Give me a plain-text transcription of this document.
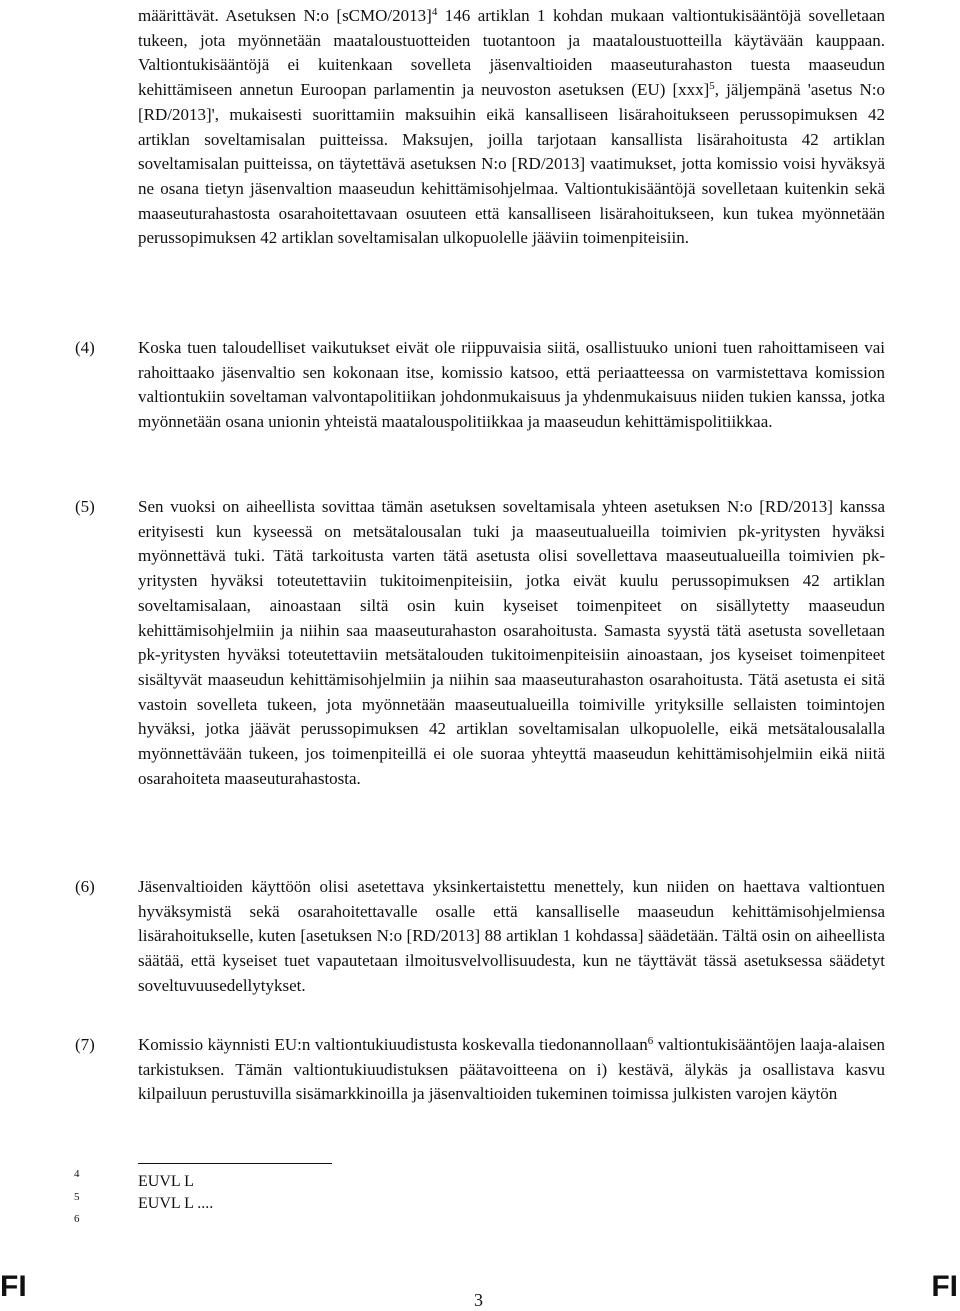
määrittävät. Asetuksen N:o [sCMO/2013]$^4$ 146 artiklan 1 kohdan mukaan valtiontukisääntöjä sovelletaan tukeen, jota myönnetään maataloustuotteiden tuotantoon ja maataloustuotteilla käytävään kauppaan. Valtiontukisääntöjä ei kuitenkaan sovelleta jäsenvaltioiden maaseuturahaston tuesta maaseudun kehittämiseen annetun Euroopan parlamentin ja neuvoston asetuksen (EU) [xxx]$^5$, jäljempänä 'asetus N:o [RD/2013]', mukaisesti suorittamiin maksuihin eikä kansalliseen lisärahoitukseen perussopimuksen 42 artiklan soveltamisalan puitteissa. Maksujen, joilla tarjotaan kansallista lisärahoitusta 42 artiklan soveltamisalan puitteissa, on täytettävä asetuksen N:o [RD/2013] vaatimukset, jotta komissio voisi hyväksyä ne osana tietyn jäsenvaltion maaseudun kehittämisohjelmaa. Valtiontukisääntöjä sovelletaan kuitenkin sekä maaseuturahastosta osarahoitettavaan osuuteen että kansalliseen lisärahoitukseen, kun tukea myönnetään perussopimuksen 42 artiklan soveltamisalan ulkopuolelle jääviin toimenpiteisiin.

(4)	Koska tuen taloudelliset vaikutukset eivät ole riippuvaisia siitä, osallistuuko unioni tuen rahoittamiseen vai rahoittaako jäsenvaltio sen kokonaan itse, komissio katsoo, että periaatteessa on varmistettava komission valtiontukiin soveltaman valvontapolitiikan johdonmukaisuus ja yhdenmukaisuus niiden tukien kanssa, jotka myönnetään osana unionin yhteistä maatalouspolitiikkaa ja maaseudun kehittämispolitiikkaa.

(5)	Sen vuoksi on aiheellista sovittaa tämän asetuksen soveltamisala yhteen asetuksen N:o [RD/2013] kanssa erityisesti kun kyseessä on metsätalousalan tuki ja maaseutualueilla toimivien pk-yritysten hyväksi myönnettävä tuki. Tätä tarkoitusta varten tätä asetusta olisi sovellettava maaseutualueilla toimivien pk-yritysten hyväksi toteutettaviin tukitoimenpiteisiin, jotka eivät kuulu perussopimuksen 42 artiklan soveltamisalaan, ainoastaan siltä osin kuin kyseiset toimenpiteet on sisällytetty maaseudun kehittämisohjelmiin ja niihin saa maaseuturahaston osarahoitusta. Samasta syystä tätä asetusta sovelletaan pk-yritysten hyväksi toteutettaviin metsätalouden tukitoimenpiteisiin ainoastaan, jos kyseiset toimenpiteet sisältyvät maaseudun kehittämisohjelmiin ja niihin saa maaseuturahaston osarahoitusta. Tätä asetusta ei sitä vastoin sovelleta tukeen, jota myönnetään maaseutualueilla toimiville yrityksille sellaisten toimintojen hyväksi, jotka jäävät perussopimuksen 42 artiklan soveltamisalan ulkopuolelle, eikä metsätalousalalla myönnettävään tukeen, jos toimenpiteillä ei ole suoraa yhteyttä maaseudun kehittämisohjelmiin eikä niitä osarahoiteta maaseuturahastosta.

(6)	Jäsenvaltioiden käyttöön olisi asetettava yksinkertaistettu menettely, kun niiden on haettava valtiontuen hyväksymistä sekä osarahoitettavalle osalle että kansalliselle maaseudun kehittämisohjelmiensa lisärahoitukselle, kuten [asetuksen N:o [RD/2013] 88 artiklan 1 kohdassa] säädetään. Tältä osin on aiheellista säätää, että kyseiset tuet vapautetaan ilmoitusvelvollisuudesta, kun ne täyttävät tässä asetuksessa säädetyt soveltuvuusedellytykset.

(7)	Komissio käynnisti EU:n valtiontukiuudistusta koskevalla tiedonannollaan$^6$ valtiontukisääntöjen laaja-alaisen tarkistuksen. Tämän valtiontukiuudistuksen päätavoitteena on i) kestävä, älykäs ja osallistava kasvu kilpailuun perustuvilla sisämarkkinoilla ja jäsenvaltioiden tukeminen toimissa julkisten varojen käytön

4	EUVL L
5	EUVL L ....
6
FI	3	FI
